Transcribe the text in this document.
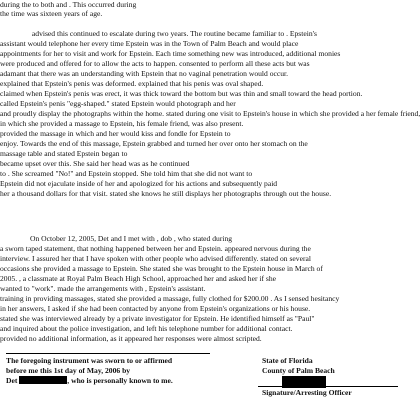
during the to both and . This occurred during
the time was sixteen years of age.
advised this continued to escalate during two years. The routine became familiar to . Epstein's
assistant would telephone her every time Epstein was in the Town of Palm Beach and would place
appointments for her to visit and work for Epstein. Each time something new was introduced, additional monies
were produced and offered for to allow the acts to happen. consented to perform all these acts but was
adamant that there was an understanding with Epstein that no vaginal penetration would occur.
explained that Epstein's penis was deformed. explained that his penis was oval shaped.
claimed when Epstein's penis was erect, it was thick toward the bottom but was thin and small toward the head portion.
called Epstein's penis "egg-shaped." stated Epstein would photograph and her
and proudly display the photographs within the home. stated during one visit to Epstein's house in which she provided a her female friend,
in which she provided a massage to Epstein, his female friend, was also present.
provided the massage in which and her would kiss and fondle for Epstein to
enjoy. Towards the end of this massage, Epstein grabbed and turned her over onto her stomach on the
massage table and stated Epstein began to
became upset over this. She said her head was as he continued
to . She screamed "No!" and Epstein stopped. She told him that she did not want to
Epstein did not ejaculate inside of her and apologized for his actions and subsequently paid
her a thousand dollars for that visit. stated she knows he still displays her photographs through out the house.
On October 12, 2005, Det and I met with , dob , who stated during
a sworn taped statement, that nothing happened between her and Epstein. appeared nervous during the
interview. I assured her that I have spoken with other people who advised differently. stated on several
occasions she provided a massage to Epstein. She stated she was brought to the Epstein house in March of
2005. , a classmate at Royal Palm Beach High School, approached her and asked her if she
wanted to "work". made the arrangements with , Epstein's assistant.
training in providing massages, stated she provided a massage, fully clothed for $200.00 . As I sensed hesitancy
in her answers, I asked if she had been contacted by anyone from Epstein's organizations or his house.
stated she was interviewed already by a private investigator for Epstein. He identified himself as "Paul"
and inquired about the police investigation, and left his telephone number for additional contact.
provided no additional information, as it appeared her responses were almost scripted.
The foregoing instrument was sworn to or affirmed
before me this 1st day of May, 2006 by
Det	, who is personally known to me.
State of Florida
County of Palm Beach
Signature/Arresting Officer
